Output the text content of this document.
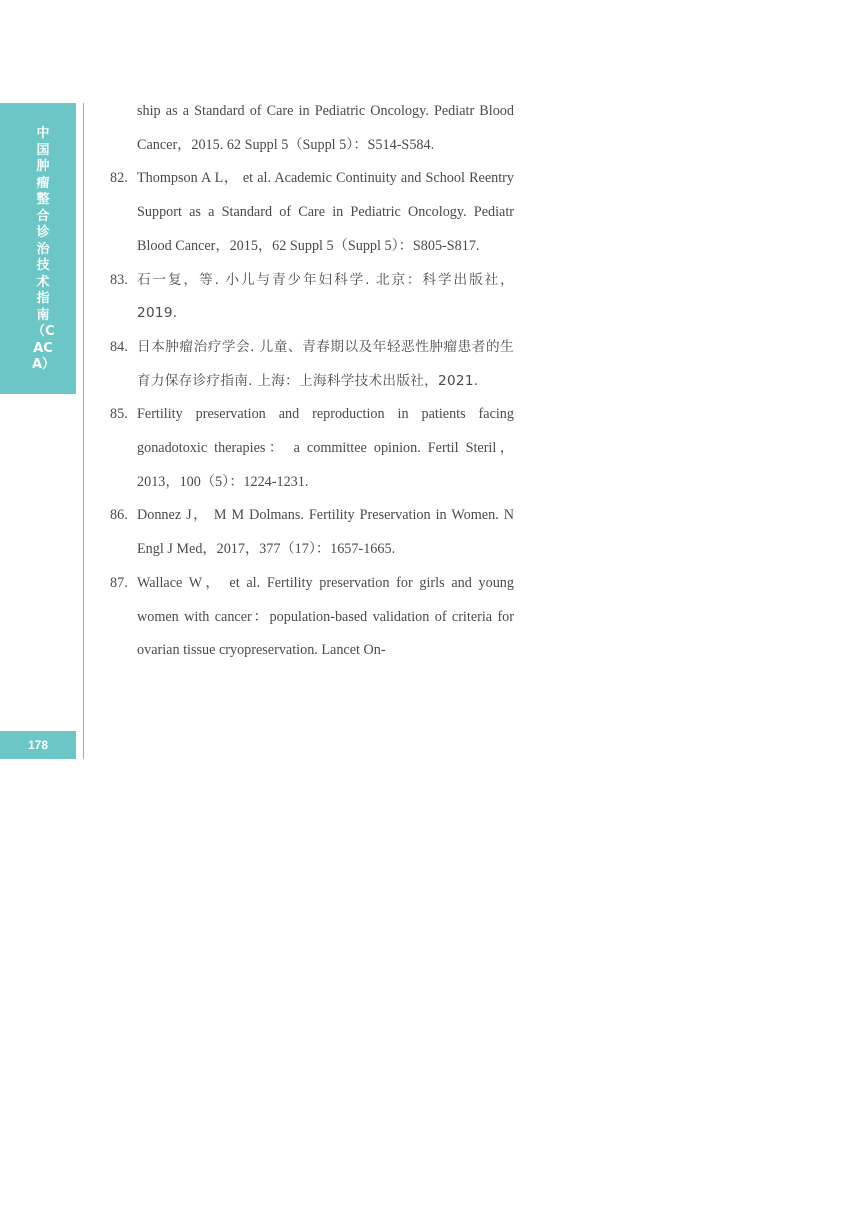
中国肿瘤整合诊治技术指南（CACA）

178
ship as a Standard of Care in Pediatric Oncology. Pediatr Blood Cancer，2015. 62 Suppl 5（Suppl 5）：S514-S584.
82. Thompson A L， et al. Academic Continuity and School Reentry Support as a Standard of Care in Pediatric Oncology. Pediatr Blood Cancer，2015，62 Suppl 5（Suppl 5）：S805-S817.
83. 石一复，等. 小儿与青少年妇科学. 北京：科学出版社，2019.
84. 日本肿瘤治疗学会. 儿童、青春期以及年轻恶性肿瘤患者的生育力保存诊疗指南. 上海：上海科学技术出版社，2021.
85. Fertility preservation and reproduction in patients facing gonadotoxic therapies： a committee opinion. Fertil Steril，2013，100（5）：1224-1231.
86. Donnez J， M M Dolmans. Fertility Preservation in Women. N Engl J Med，2017，377（17）：1657-1665.
87. Wallace W， et al. Fertility preservation for girls and young women with cancer：population-based validation of criteria for ovarian tissue cryopreservation. Lancet On-
